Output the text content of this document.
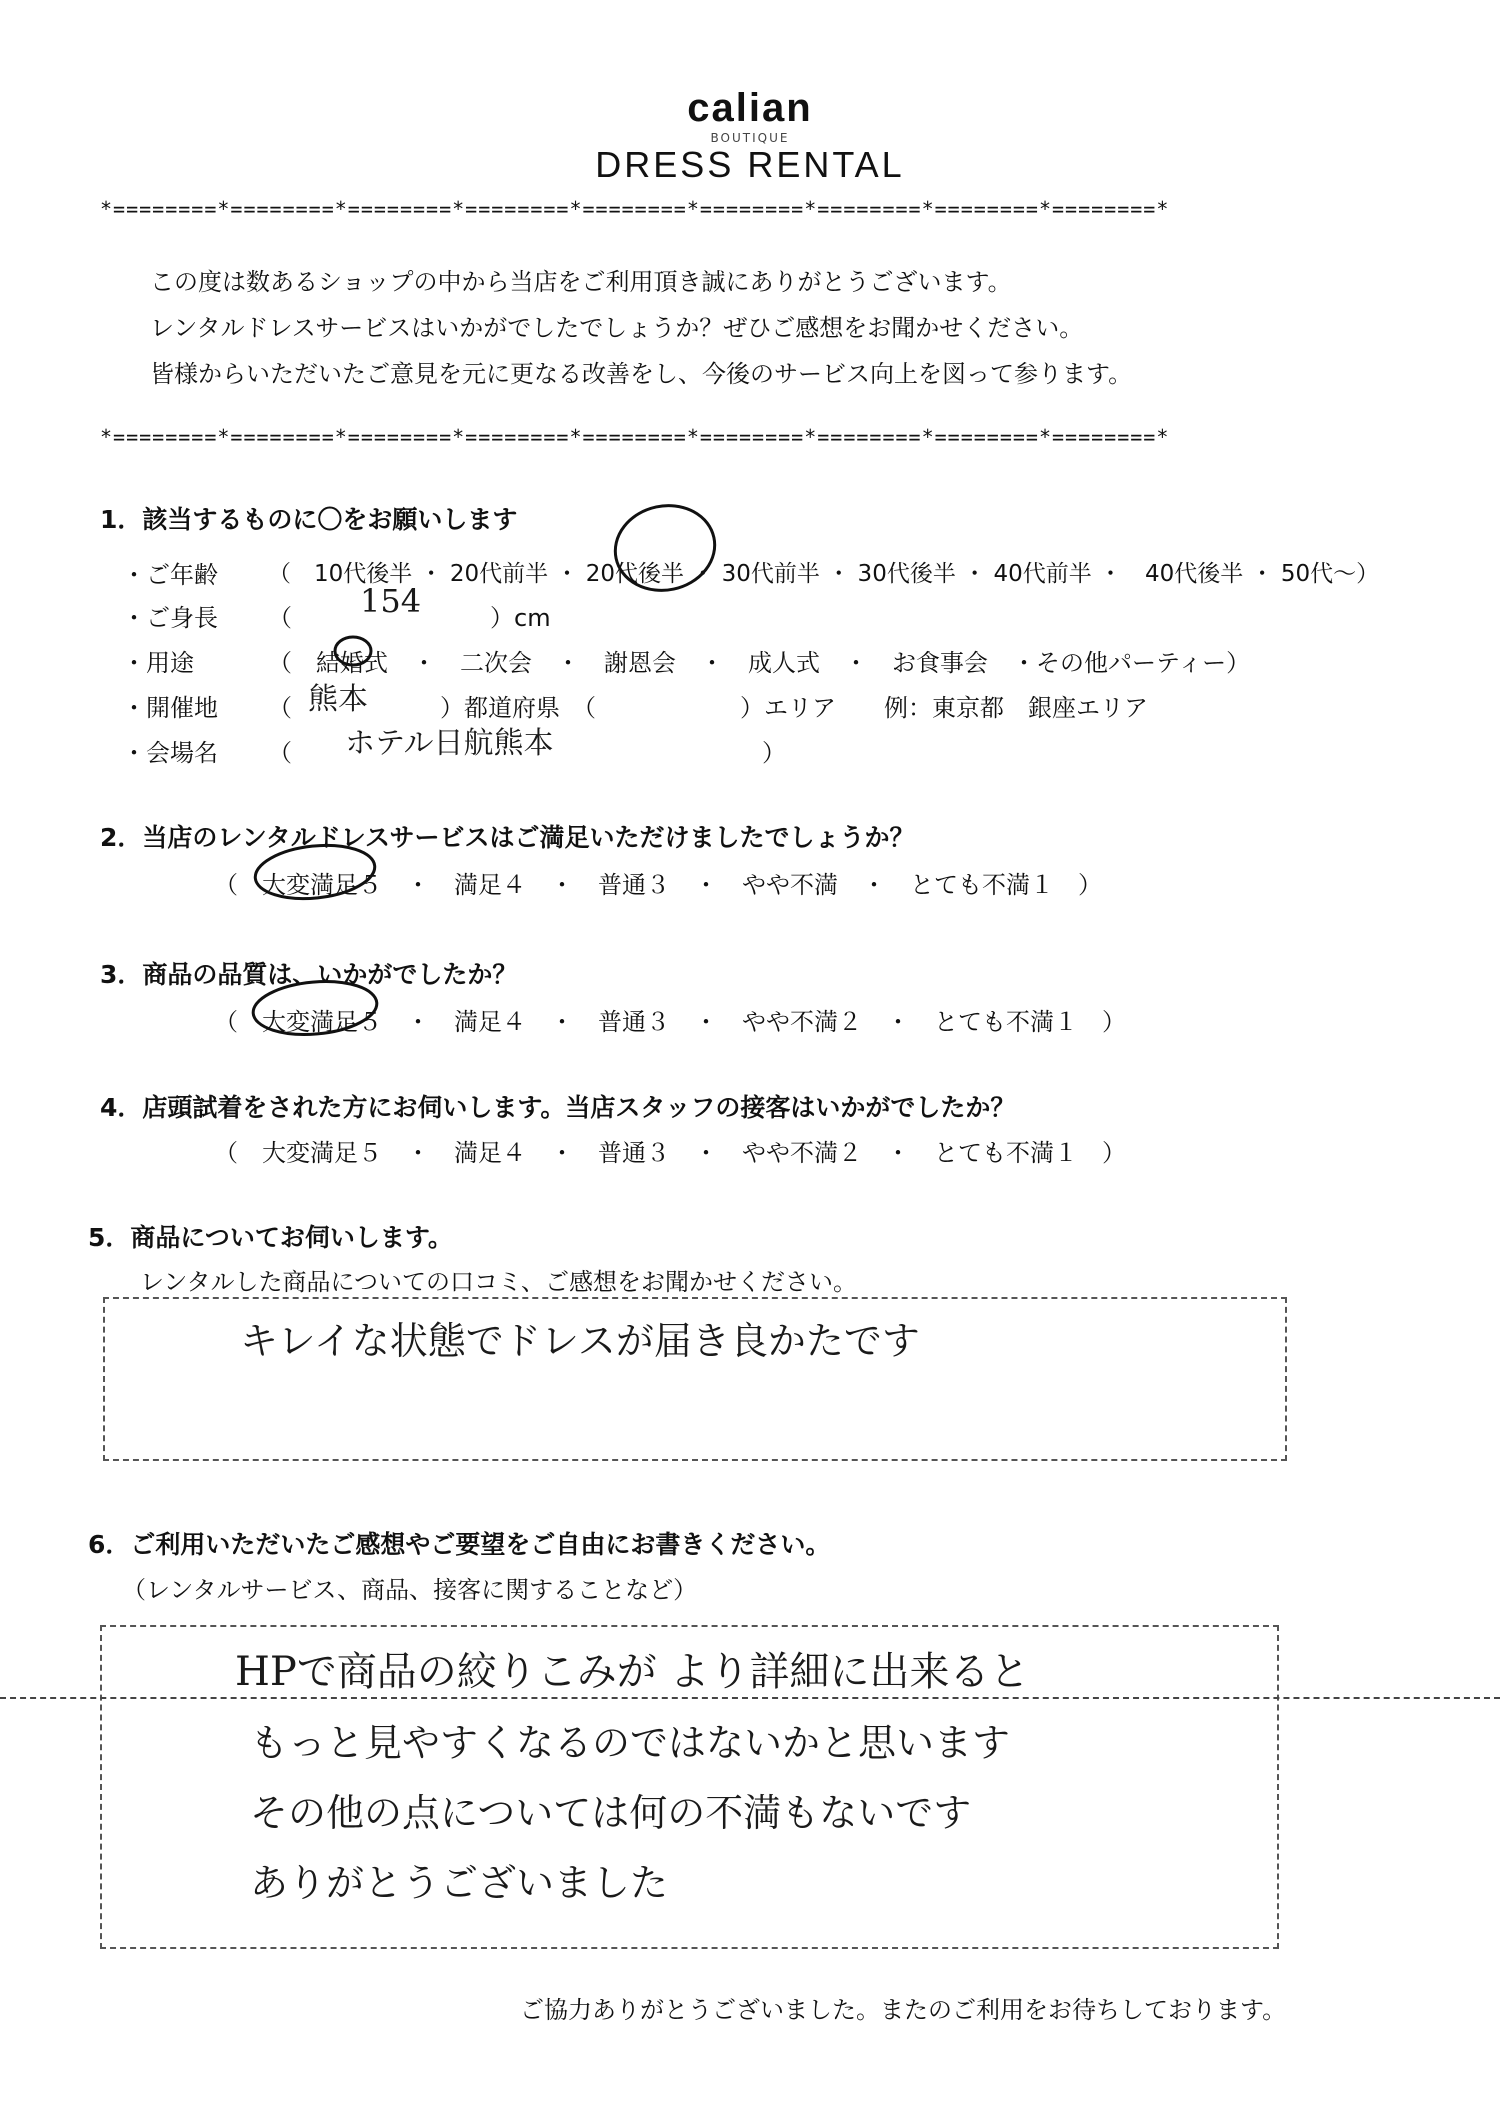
calian
BOUTIQUE
DRESS RENTAL
*========*========*========*========*========*========*========*========*========*
この度は数あるショップの中から当店をご利用頂き誠にありがとうございます。
レンタルドレスサービスはいかがでしたでしょうか？ぜひご感想をお聞かせください。
皆様からいただいたご意見を元に更なる改善をし、今後のサービス向上を図って参ります。
*========*========*========*========*========*========*========*========*========*
1．該当するものに〇をお願いします
・ご年齢 （　10代後半 ・ 20代前半 ・ 20代後半 ・ 30代前半 ・ 30代後半 ・ 40代前半 ・　40代後半 ・ 50代～）
・ご身長 （ 154	）cm
・用途	（　結婚式　・　二次会　・　謝恩会　・　成人式　・　お食事会　・その他パーティー）
・開催地 （ 熊本	）都道府県　（　　　　　　）エリア　　例：東京都　銀座エリア
・会場名 （ ホテル日航熊本	）
2．当店のレンタルドレスサービスはご満足いただけましたでしょうか？
（　大変満足５　・　満足４　・　普通３　・　やや不満　・　とても不満１　）
3．商品の品質は、いかがでしたか？
（　大変満足５　・　満足４　・　普通３　・　やや不満２　・　とても不満１　）
4．店頭試着をされた方にお伺いします。当店スタッフの接客はいかがでしたか？
（　大変満足５　・　満足４　・　普通３　・　やや不満２　・　とても不満１　）
5．商品についてお伺いします。
レンタルした商品についての口コミ、ご感想をお聞かせください。
キレイな状態でドレスが届き良かたです
6．ご利用いただいたご感想やご要望をご自由にお書きください。
（レンタルサービス、商品、接客に関することなど）
HPで商品の絞りこみが より詳細に出来ると
もっと見やすくなるのではないかと思います
その他の点については何の不満もないです
ありがとうございました
ご協力ありがとうございました。またのご利用をお待ちしております。
